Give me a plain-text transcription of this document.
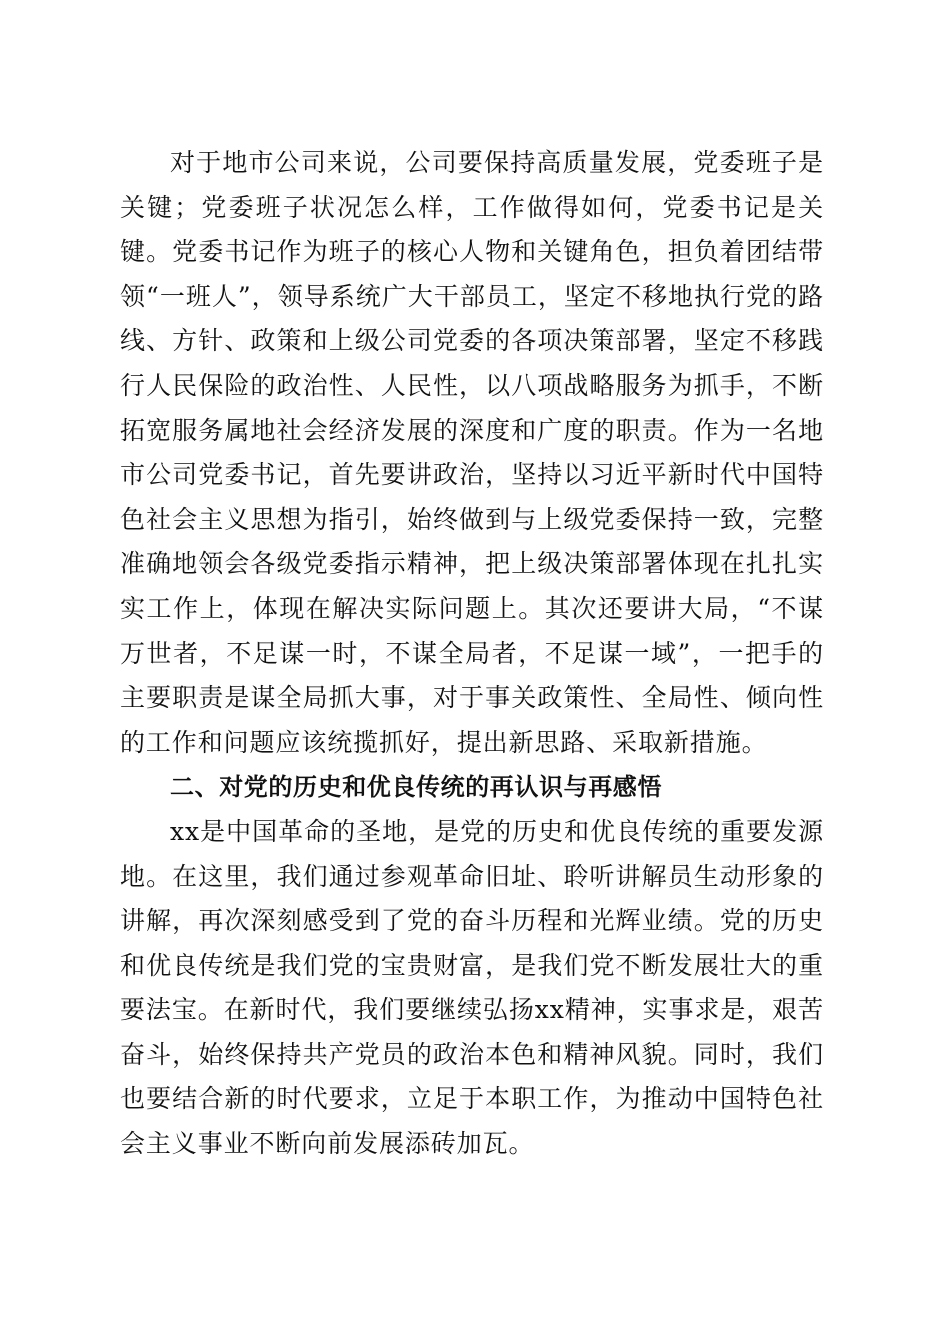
对于地市公司来说，公司要保持高质量发展，党委班子是关键；党委班子状况怎么样，工作做得如何，党委书记是关键。党委书记作为班子的核心人物和关键角色，担负着团结带领“一班人”，领导系统广大干部员工，坚定不移地执行党的路线、方针、政策和上级公司党委的各项决策部署，坚定不移践行人民保险的政治性、人民性，以八项战略服务为抓手，不断拓宽服务属地社会经济发展的深度和广度的职责。作为一名地市公司党委书记，首先要讲政治，坚持以习近平新时代中国特色社会主义思想为指引，始终做到与上级党委保持一致，完整准确地领会各级党委指示精神，把上级决策部署体现在扎扎实实工作上，体现在解决实际问题上。其次还要讲大局，“不谋万世者，不足谋一时，不谋全局者，不足谋一域”，一把手的主要职责是谋全局抓大事，对于事关政策性、全局性、倾向性的工作和问题应该统揽抓好，提出新思路、采取新措施。

二、对党的历史和优良传统的再认识与再感悟

xx是中国革命的圣地，是党的历史和优良传统的重要发源地。在这里，我们通过参观革命旧址、聆听讲解员生动形象的讲解，再次深刻感受到了党的奋斗历程和光辉业绩。党的历史和优良传统是我们党的宝贵财富，是我们党不断发展壮大的重要法宝。在新时代，我们要继续弘扬xx精神，实事求是，艰苦奋斗，始终保持共产党员的政治本色和精神风貌。同时，我们也要结合新的时代要求，立足于本职工作，为推动中国特色社会主义事业不断向前发展添砖加瓦。
